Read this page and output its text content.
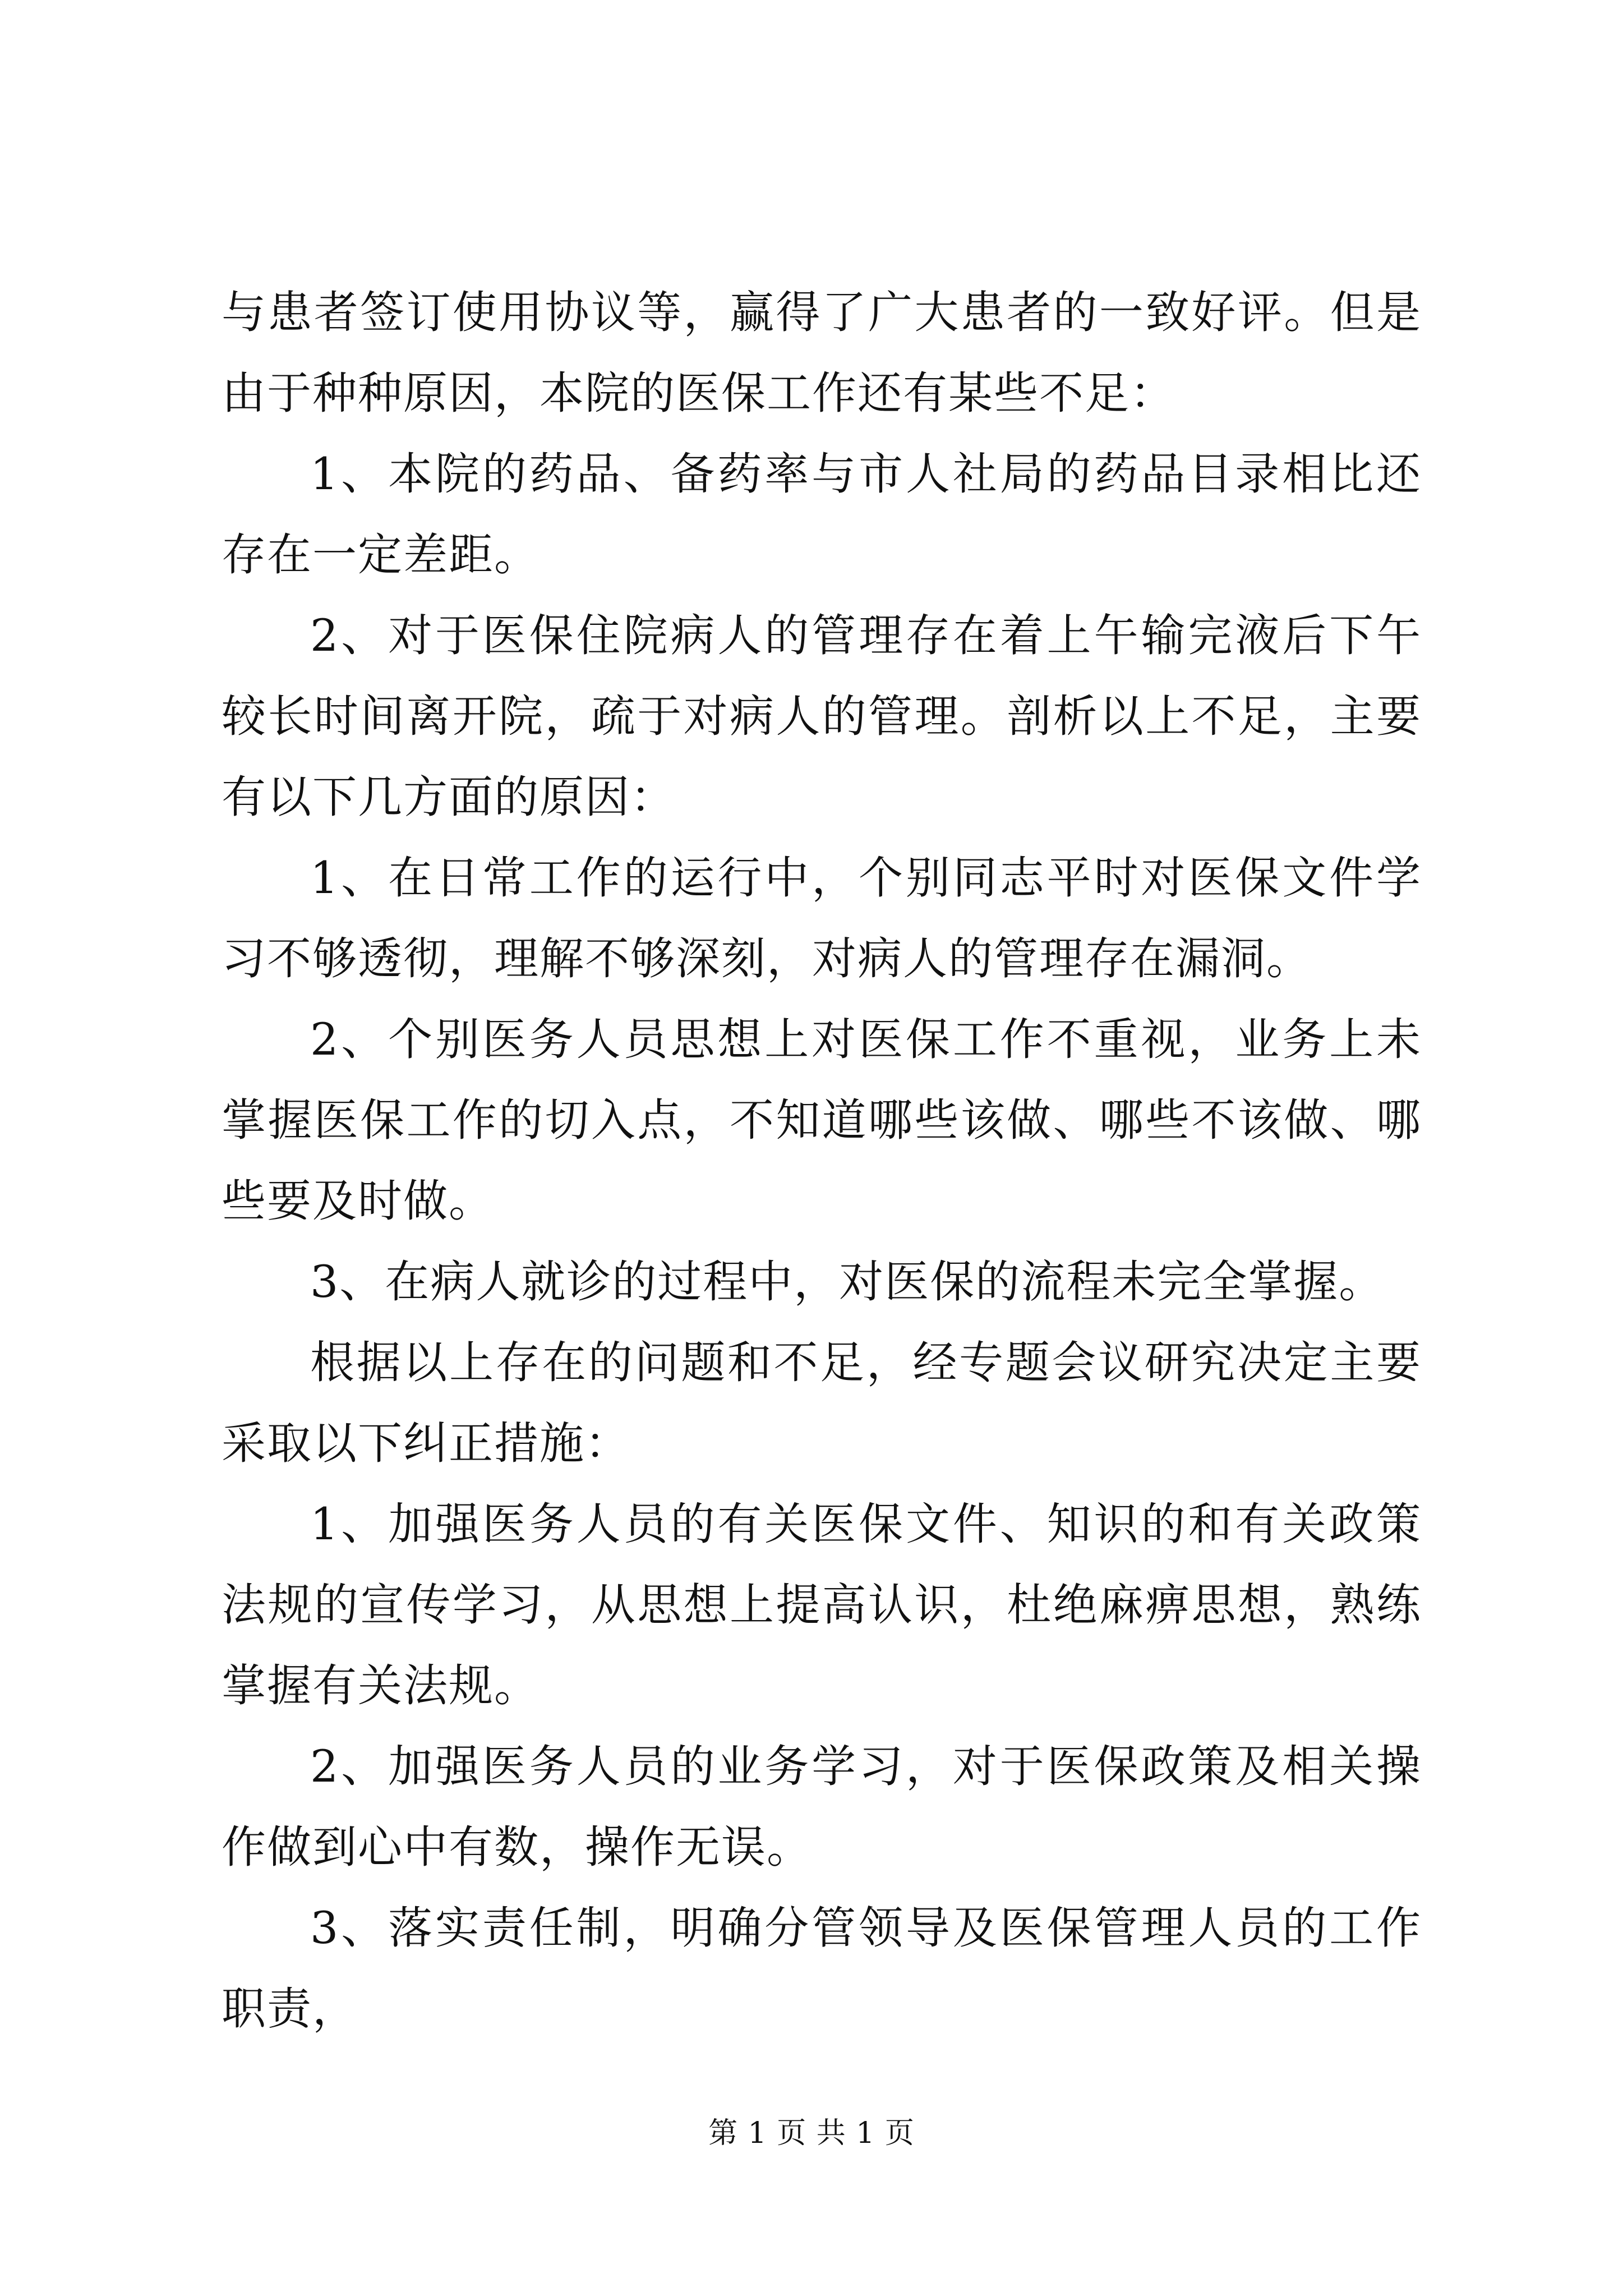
与患者签订使用协议等，赢得了广大患者的一致好评。但是由于种种原因，本院的医保工作还有某些不足：

1、本院的药品、备药率与市人社局的药品目录相比还存在一定差距。

2、对于医保住院病人的管理存在着上午输完液后下午较长时间离开院，疏于对病人的管理。剖析以上不足，主要有以下几方面的原因：

1、在日常工作的运行中，个别同志平时对医保文件学习不够透彻，理解不够深刻，对病人的管理存在漏洞。

2、个别医务人员思想上对医保工作不重视，业务上未掌握医保工作的切入点，不知道哪些该做、哪些不该做、哪些要及时做。

3、在病人就诊的过程中，对医保的流程未完全掌握。

根据以上存在的问题和不足，经专题会议研究决定主要采取以下纠正措施：

1、加强医务人员的有关医保文件、知识的和有关政策法规的宣传学习，从思想上提高认识，杜绝麻痹思想，熟练掌握有关法规。

2、加强医务人员的业务学习，对于医保政策及相关操作做到心中有数，操作无误。

3、落实责任制，明确分管领导及医保管理人员的工作职责，

第 1 页 共 1 页
